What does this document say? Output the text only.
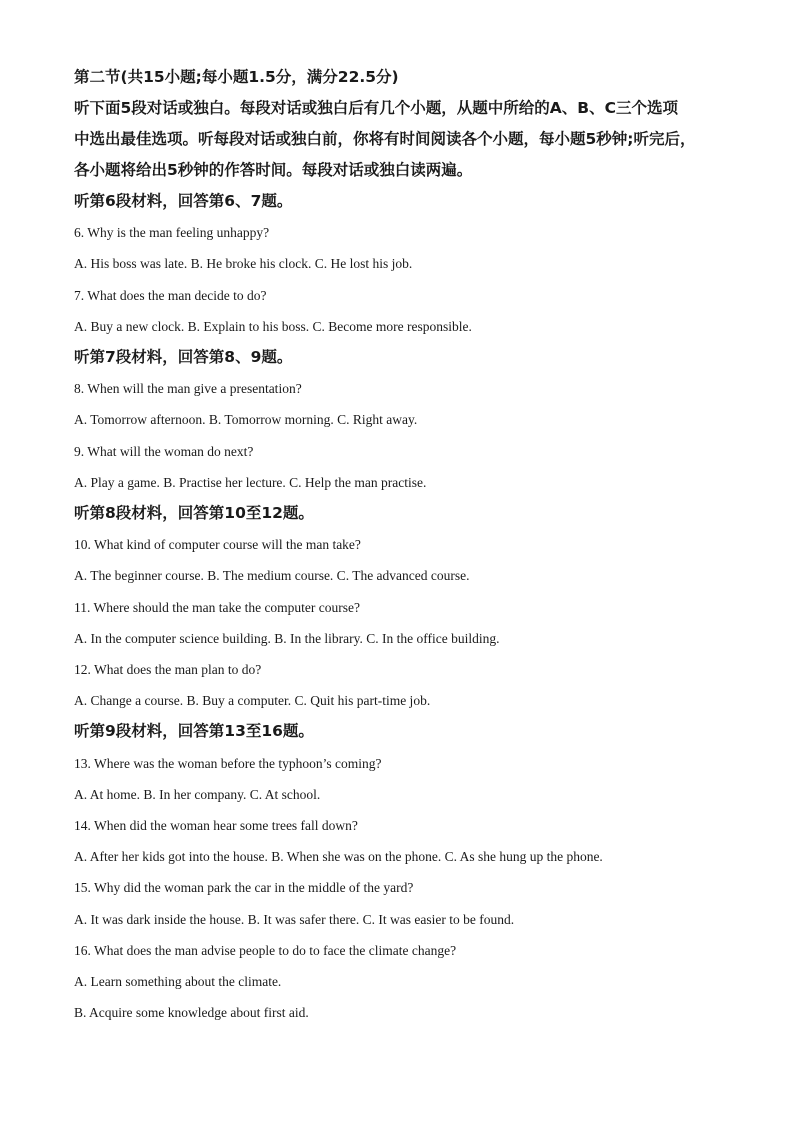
第二节(共15小题;每小题1.5分，满分22.5分)

听下面5段对话或独白。每段对话或独白后有几个小题，从题中所给的A、B、C三个选项

中选出最佳选项。听每段对话或独白前，你将有时间阅读各个小题，每小题5秒钟;听完后，

各小题将给出5秒钟的作答时间。每段对话或独白读两遍。

听第6段材料，回答第6、7题。

6. Why is the man feeling unhappy?

A. His boss was late. B. He broke his clock. C. He lost his job.

7. What does the man decide to do?

A. Buy a new clock. B. Explain to his boss. C. Become more responsible.

听第7段材料，回答第8、9题。

8. When will the man give a presentation?

A. Tomorrow afternoon. B. Tomorrow morning. C. Right away.

9. What will the woman do next?

A. Play a game. B. Practise her lecture. C. Help the man practise.

听第8段材料，回答第10至12题。

10. What kind of computer course will the man take?

A. The beginner course. B. The medium course. C. The advanced course.

11. Where should the man take the computer course?

A. In the computer science building. B. In the library. C. In the office building.

12. What does the man plan to do?

A. Change a course. B. Buy a computer. C. Quit his part-time job.

听第9段材料，回答第13至16题。

13. Where was the woman before the typhoon’s coming?

A. At home. B. In her company. C. At school.

14. When did the woman hear some trees fall down?

A. After her kids got into the house. B. When she was on the phone. C. As she hung up the phone.

15. Why did the woman park the car in the middle of the yard?

A. It was dark inside the house. B. It was safer there. C. It was easier to be found.

16. What does the man advise people to do to face the climate change?

A. Learn something about the climate.

B. Acquire some knowledge about first aid.
